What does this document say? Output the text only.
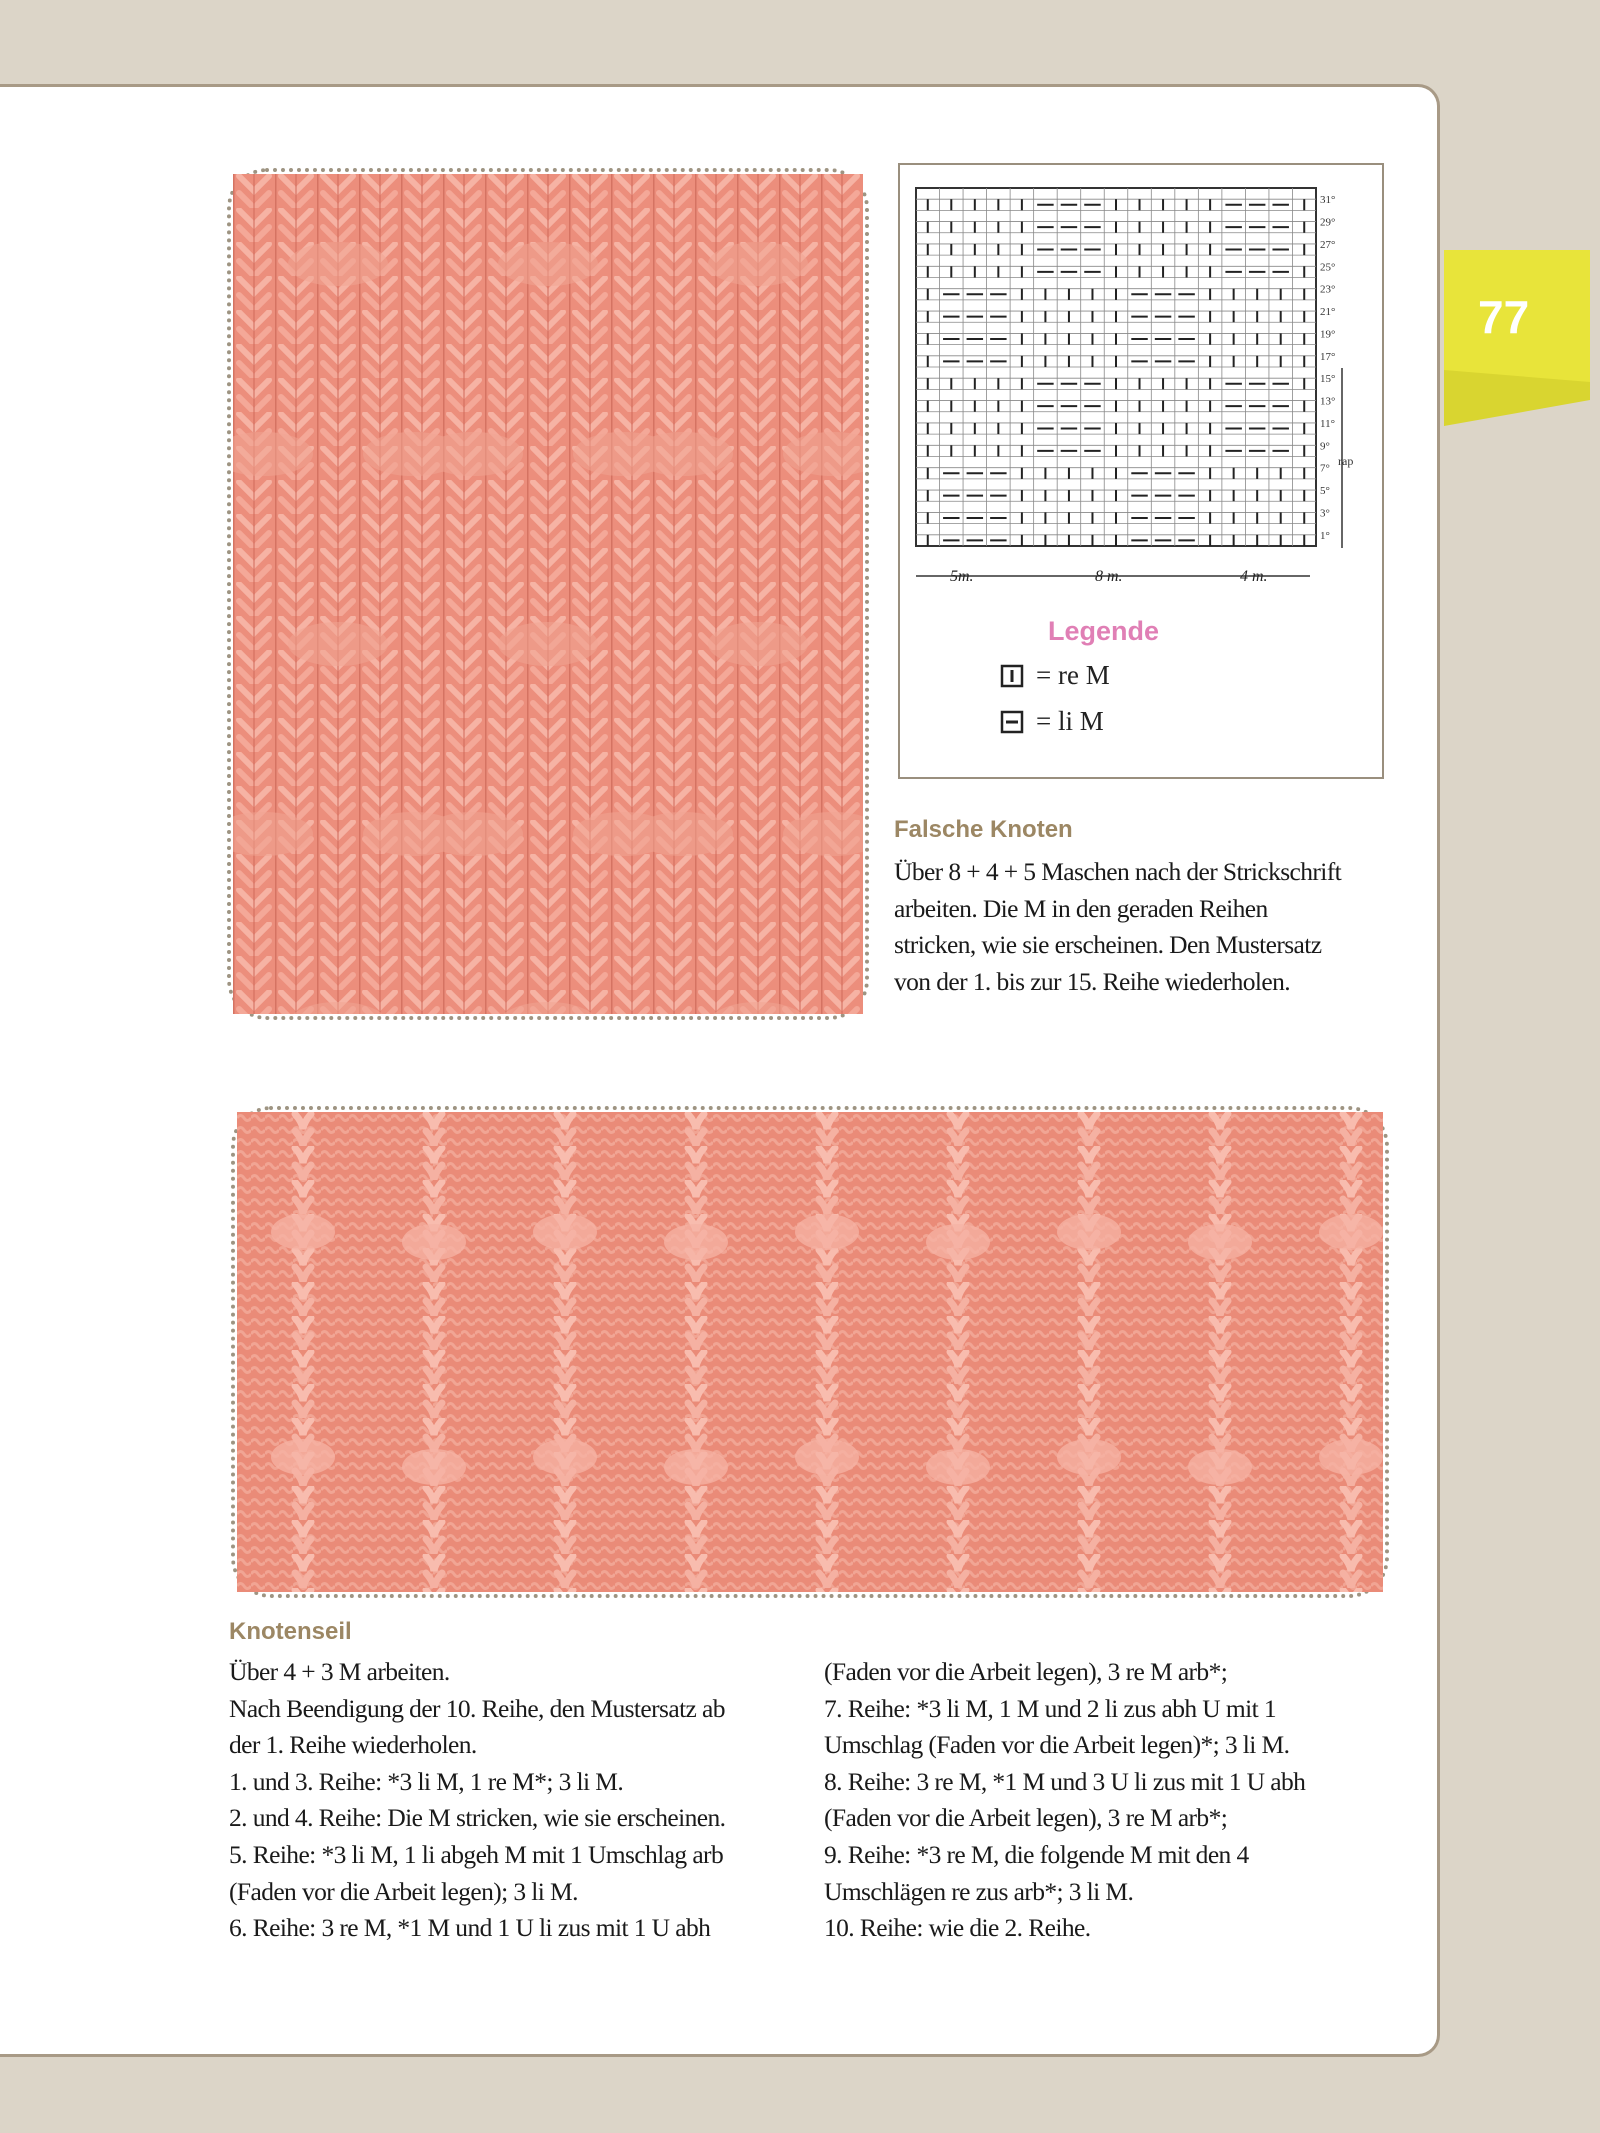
77
31°
29°
27°
25°
23°
21°
19°
17°
15°
13°
11°
9°
7°
5°
3°
1°
rap
5m.	8 m.	4 m.
Legende
= re M
= li M
Falsche Knoten
Über 8 + 4 + 5 Maschen nach der Strickschrift
arbeiten. Die M in den geraden Reihen
stricken, wie sie erscheinen. Den Mustersatz
von der 1. bis zur 15. Reihe wiederholen.
Knotenseil
Über 4 + 3 M arbeiten.
Nach Beendigung der 10. Reihe, den Mustersatz ab
der 1. Reihe wiederholen.
1. und 3. Reihe: *3 li M, 1 re M*; 3 li M.
2. und 4. Reihe: Die M stricken, wie sie erscheinen.
5. Reihe: *3 li M, 1 li abgeh M mit 1 Umschlag arb
(Faden vor die Arbeit legen); 3 li M.
6. Reihe: 3 re M, *1 M und 1 U li zus mit 1 U abh
(Faden vor die Arbeit legen), 3 re M arb*;
7. Reihe: *3 li M, 1 M und 2 li zus abh U mit 1
Umschlag (Faden vor die Arbeit legen)*; 3 li M.
8. Reihe: 3 re M, *1 M und 3 U li zus mit 1 U abh
(Faden vor die Arbeit legen), 3 re M arb*;
9. Reihe: *3 re M, die folgende M mit den 4
Umschlägen re zus arb*; 3 li M.
10. Reihe: wie die 2. Reihe.
